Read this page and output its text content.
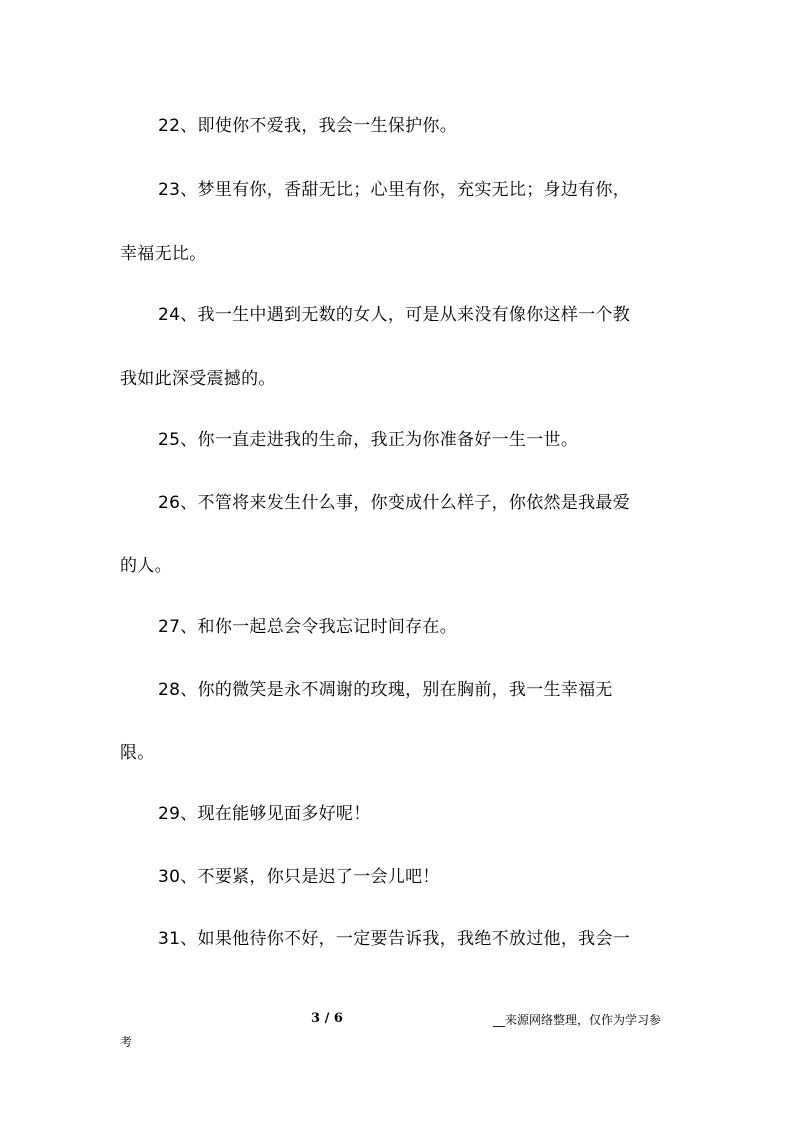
22、即使你不爱我，我会一生保护你。
23、梦里有你，香甜无比；心里有你，充实无比；身边有你，
幸福无比。
24、我一生中遇到无数的女人，可是从来没有像你这样一个教
我如此深受震撼的。
25、你一直走进我的生命，我正为你准备好一生一世。
26、不管将来发生什么事，你变成什么样子，你依然是我最爱
的人。
27、和你一起总会令我忘记时间存在。
28、你的微笑是永不凋谢的玫瑰，别在胸前，我一生幸福无
限。
29、现在能够见面多好呢！
30、不要紧，你只是迟了一会儿吧！
31、如果他待你不好，一定要告诉我，我绝不放过他，我会一
3 / 6	__来源网络整理，仅作为学习参
考
